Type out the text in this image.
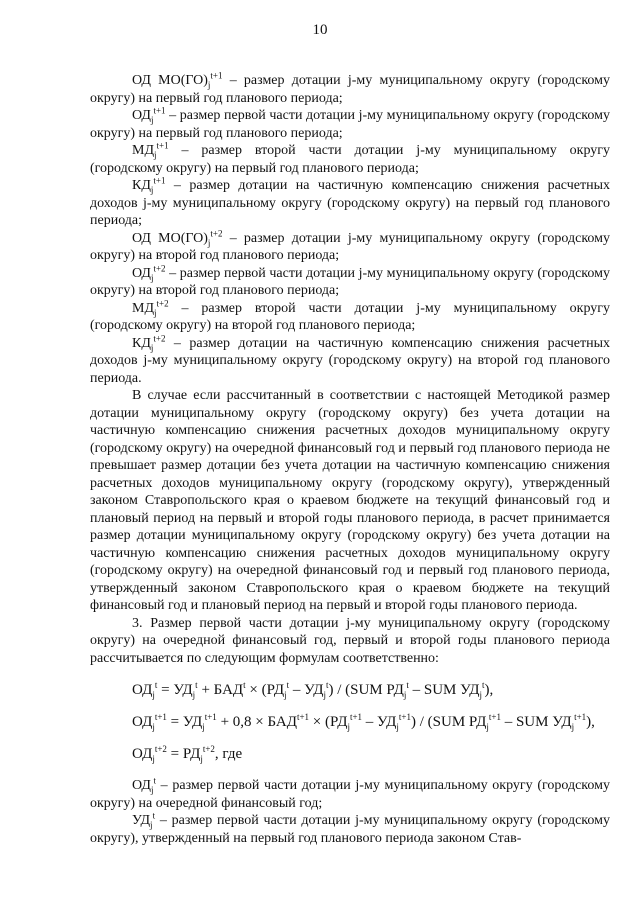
10

ОД $МО(ГО)_j^{t+1}$ – размер дотации j-му муниципальному округу (городскому округу) на первый год планового периода;

$ОД_j^{t+1}$ – размер первой части дотации j-му муниципальному округу (городскому округу) на первый год планового периода;

$МД_j^{t+1}$ – размер второй части дотации j-му муниципальному округу (городскому округу) на первый год планового периода;

$КД_j^{t+1}$ – размер дотации на частичную компенсацию снижения расчетных доходов j-му муниципальному округу (городскому округу) на первый год планового периода;

ОД $МО(ГО)_j^{t+2}$ – размер дотации j-му муниципальному округу (городскому округу) на второй год планового периода;

$ОД_j^{t+2}$ – размер первой части дотации j-му муниципальному округу (городскому округу) на второй год планового периода;

$МД_j^{t+2}$ – размер второй части дотации j-му муниципальному округу (городскому округу) на второй год планового периода;

$КД_j^{t+2}$ – размер дотации на частичную компенсацию снижения расчетных доходов j-му муниципальному округу (городскому округу) на второй год планового периода.

В случае если рассчитанный в соответствии с настоящей Методикой размер дотации муниципальному округу (городскому округу) без учета дотации на частичную компенсацию снижения расчетных доходов муниципальному округу (городскому округу) на очередной финансовый год и первый год планового периода не превышает размер дотации без учета дотации на частичную компенсацию снижения расчетных доходов муниципальному округу (городскому округу), утвержденный законом Ставропольского края о краевом бюджете на текущий финансовый год и плановый период на первый и второй годы планового периода, в расчет принимается размер дотации муниципальному округу (городскому округу) без учета дотации на частичную компенсацию снижения расчетных доходов муниципальному округу (городскому округу) на очередной финансовый год и первый год планового периода, утвержденный законом Ставропольского края о краевом бюджете на текущий финансовый год и плановый период на первый и второй годы планового периода.

3. Размер первой части дотации j-му муниципальному округу (городскому округу) на очередной финансовый год, первый и второй годы планового периода рассчитывается по следующим формулам соответственно:

$ОД_j^t = УД_j^t + БАД^t \times (РД_j^t - УД_j^t) / (SUM$ $РД_j^t$ – SUM $УД_j^t$),
$ОД_j^{t+1} = УД_j^{t+1} + 0,8 \times БАД^{t+1} \times (РД_j^{t+1} - УД_j^{t+1}) / (SUM$ $РД_j^{t+1}$ – SUM $УД_j^{t+1}$),
$ОД_j^{t+2} = РД_j^{t+2}$, где

$ОД_j^t$ – размер первой части дотации j-му муниципальному округу (городскому округу) на очередной финансовый год;

$УД_j^t$ – размер первой части дотации j-му муниципальному округу (городскому округу), утвержденный на первый год планового периода законом Став-
